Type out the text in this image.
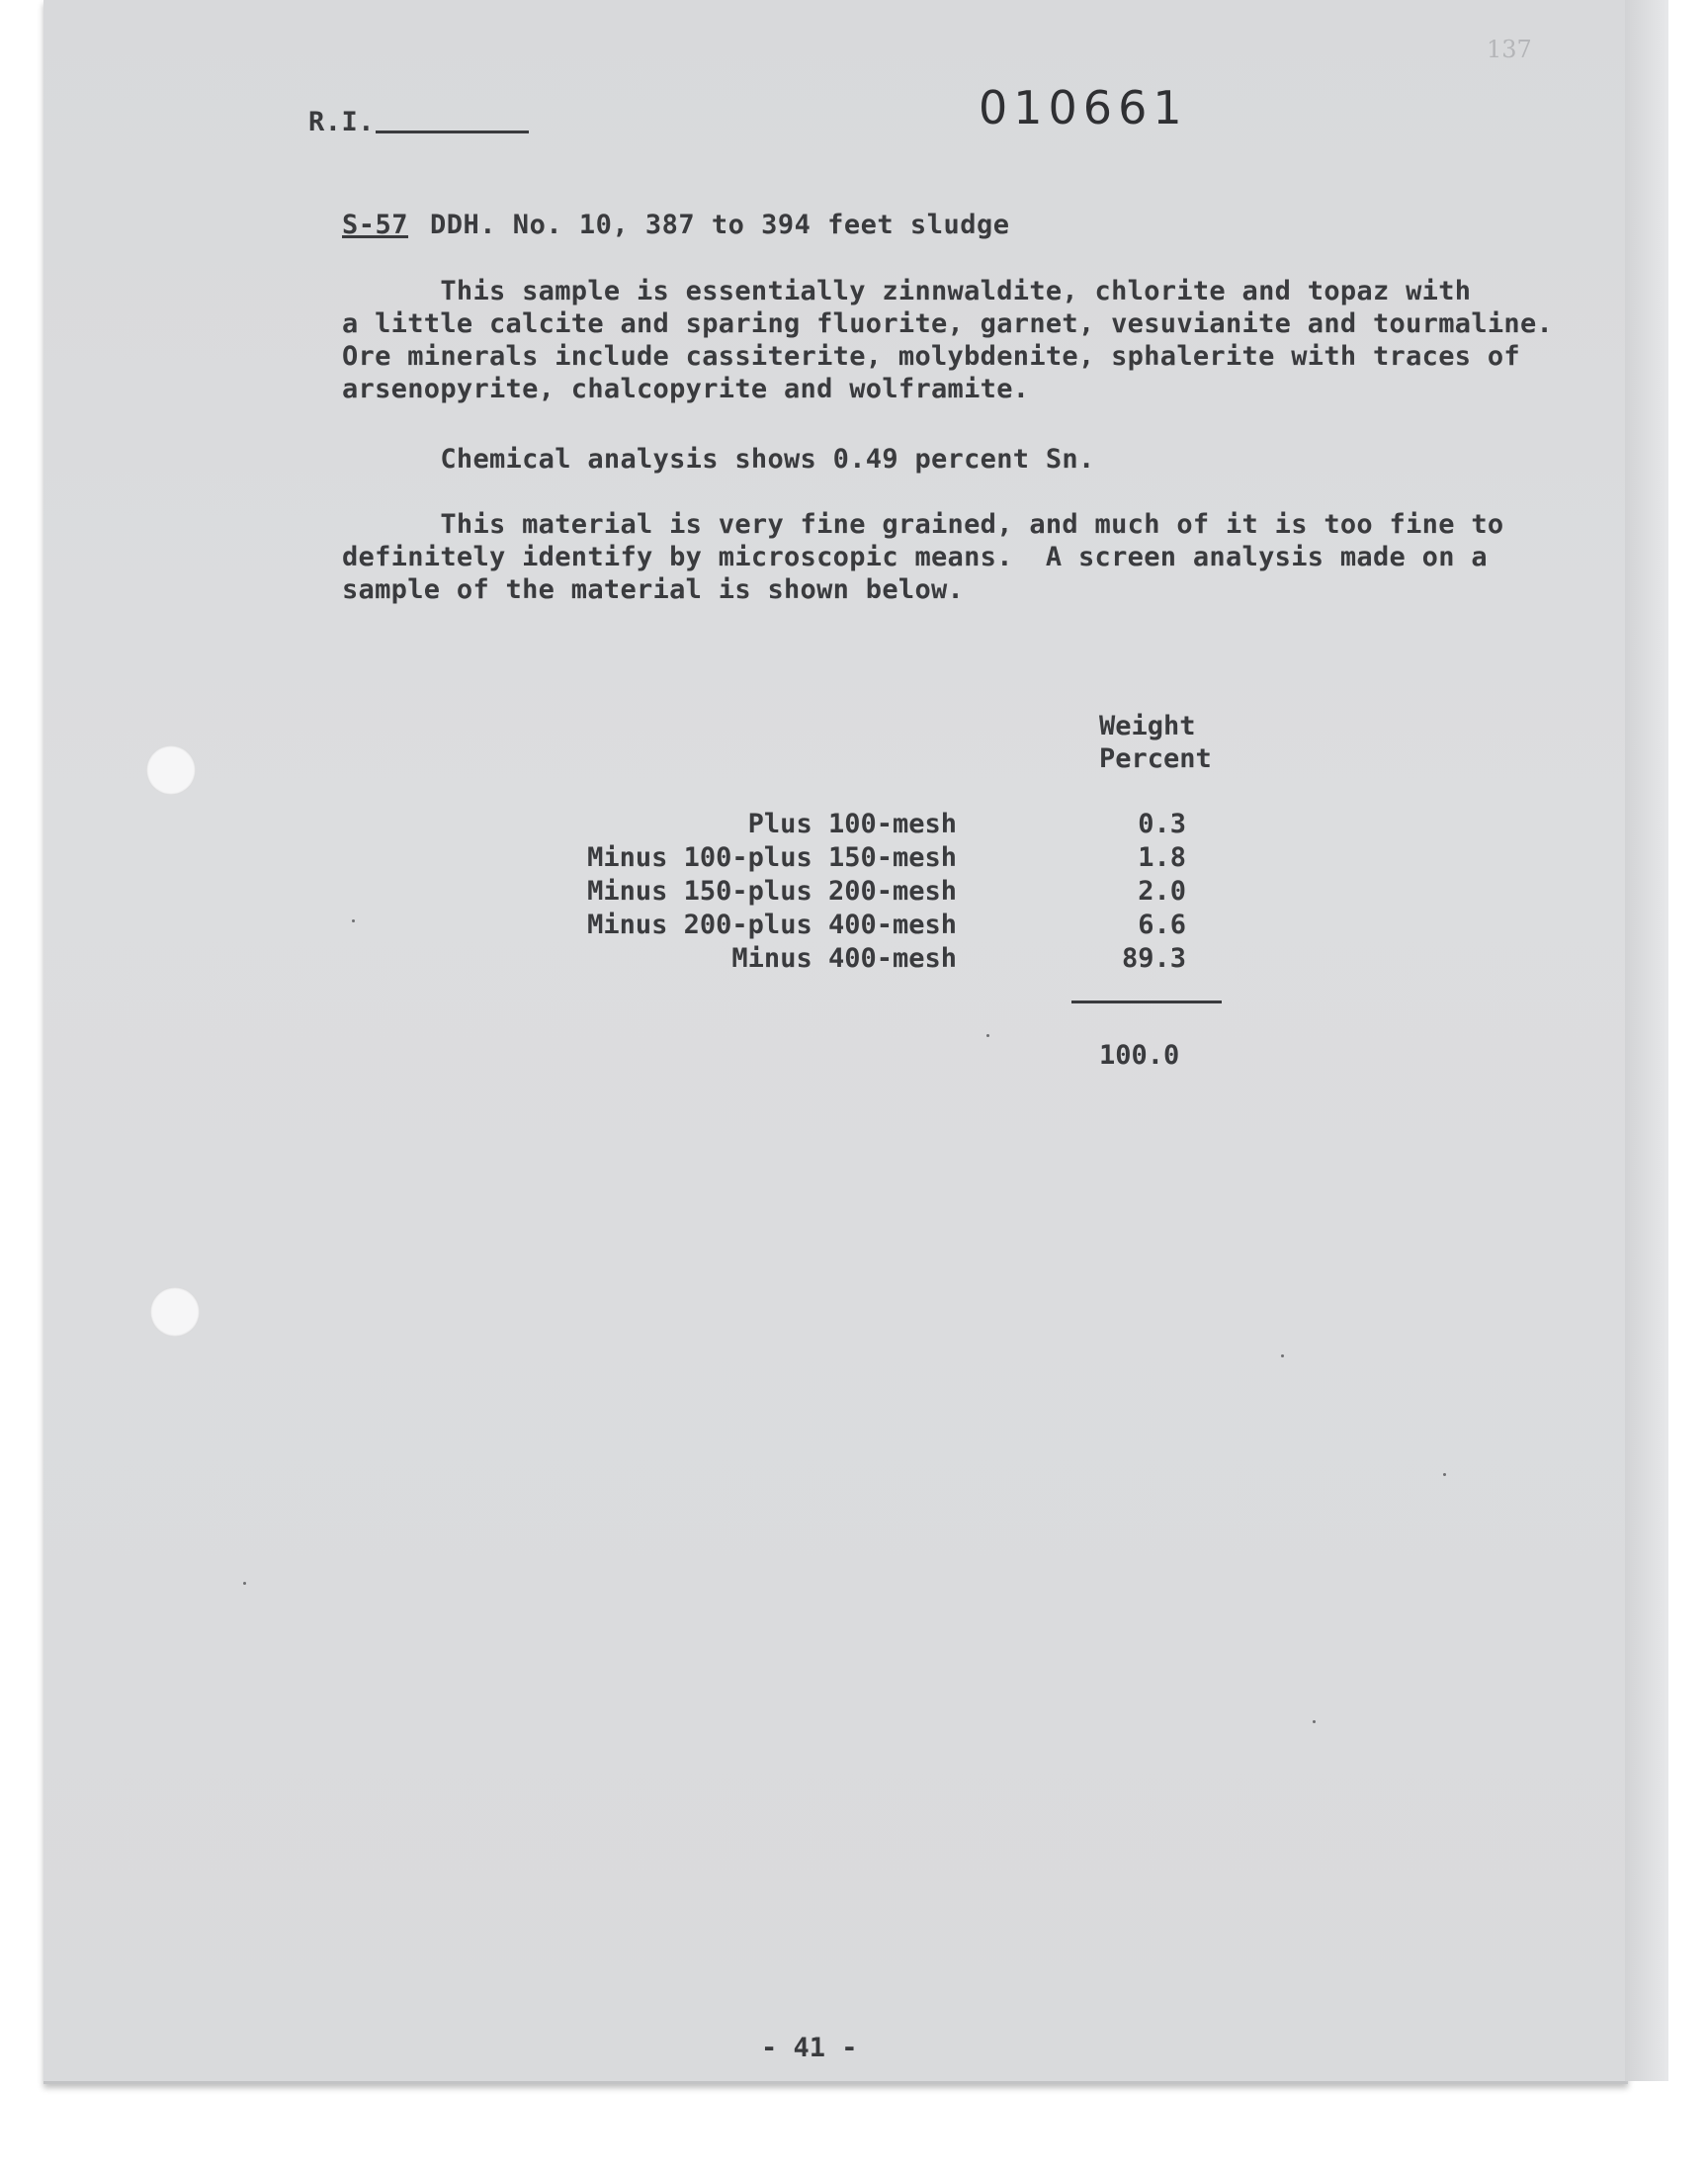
137
R.I.	010661
S-57 DDH. No. 10, 387 to 394 feet sludge
This sample is essentially zinnwaldite, chlorite and topaz with
a little calcite and sparing fluorite, garnet, vesuvianite and tourmaline.
Ore minerals include cassiterite, molybdenite, sphalerite with traces of
arsenopyrite, chalcopyrite and wolframite.
Chemical analysis shows 0.49 percent Sn.
This material is very fine grained, and much of it is too fine to
definitely identify by microscopic means.  A screen analysis made on a
sample of the material is shown below.
Weight
Percent
Plus 100-mesh	0.3
Minus 100-plus 150-mesh	1.8
Minus 150-plus 200-mesh	2.0
Minus 200-plus 400-mesh	6.6
Minus 400-mesh	89.3
100.0
- 41 -
